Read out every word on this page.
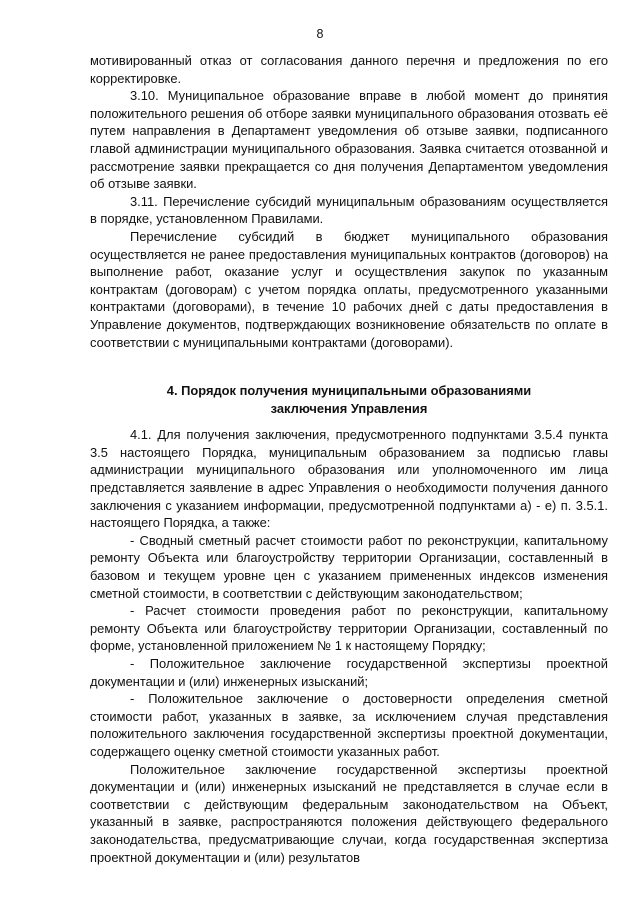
8

мотивированный отказ от согласования данного перечня и предложения по его корректировке.

3.10. Муниципальное образование вправе в любой момент до принятия положительного решения об отборе заявки муниципального образования отозвать её путем направления в Департамент уведомления об отзыве заявки, подписанного главой администрации муниципального образования. Заявка считается отозванной и рассмотрение заявки прекращается со дня получения Департаментом уведомления об отзыве заявки.

3.11. Перечисление субсидий муниципальным образованиям осуществляется в порядке, установленном Правилами.

Перечисление субсидий в бюджет муниципального образования осуществляется не ранее предоставления муниципальных контрактов (договоров) на выполнение работ, оказание услуг и осуществления закупок по указанным контрактам (договорам) с учетом порядка оплаты, предусмотренного указанными контрактами (договорами), в течение 10 рабочих дней с даты предоставления в Управление документов, подтверждающих возникновение обязательств по оплате в соответствии с муниципальными контрактами (договорами).

4. Порядок получения муниципальными образованиями
заключения Управления

4.1. Для получения заключения, предусмотренного подпунктами 3.5.4 пункта 3.5 настоящего Порядка, муниципальным образованием за подписью главы администрации муниципального образования или уполномоченного им лица представляется заявление в адрес Управления о необходимости получения данного заключения с указанием информации, предусмотренной подпунктами а) - е) п. 3.5.1. настоящего Порядка, а также:

- Сводный сметный расчет стоимости работ по реконструкции, капитальному ремонту Объекта или благоустройству территории Организации, составленный в базовом и текущем уровне цен с указанием примененных индексов изменения сметной стоимости, в соответствии с действующим законодательством;

- Расчет стоимости проведения работ по реконструкции, капитальному ремонту Объекта или благоустройству территории Организации, составленный по форме, установленной приложением № 1 к настоящему Порядку;

- Положительное заключение государственной экспертизы проектной документации и (или) инженерных изысканий;

- Положительное заключение о достоверности определения сметной стоимости работ, указанных в заявке, за исключением случая представления положительного заключения государственной экспертизы проектной документации, содержащего оценку сметной стоимости указанных работ.

Положительное заключение государственной экспертизы проектной документации и (или) инженерных изысканий не представляется в случае если в соответствии с действующим федеральным законодательством на Объект, указанный в заявке, распространяются положения действующего федерального законодательства, предусматривающие случаи, когда государственная экспертиза проектной документации и (или) результатов
